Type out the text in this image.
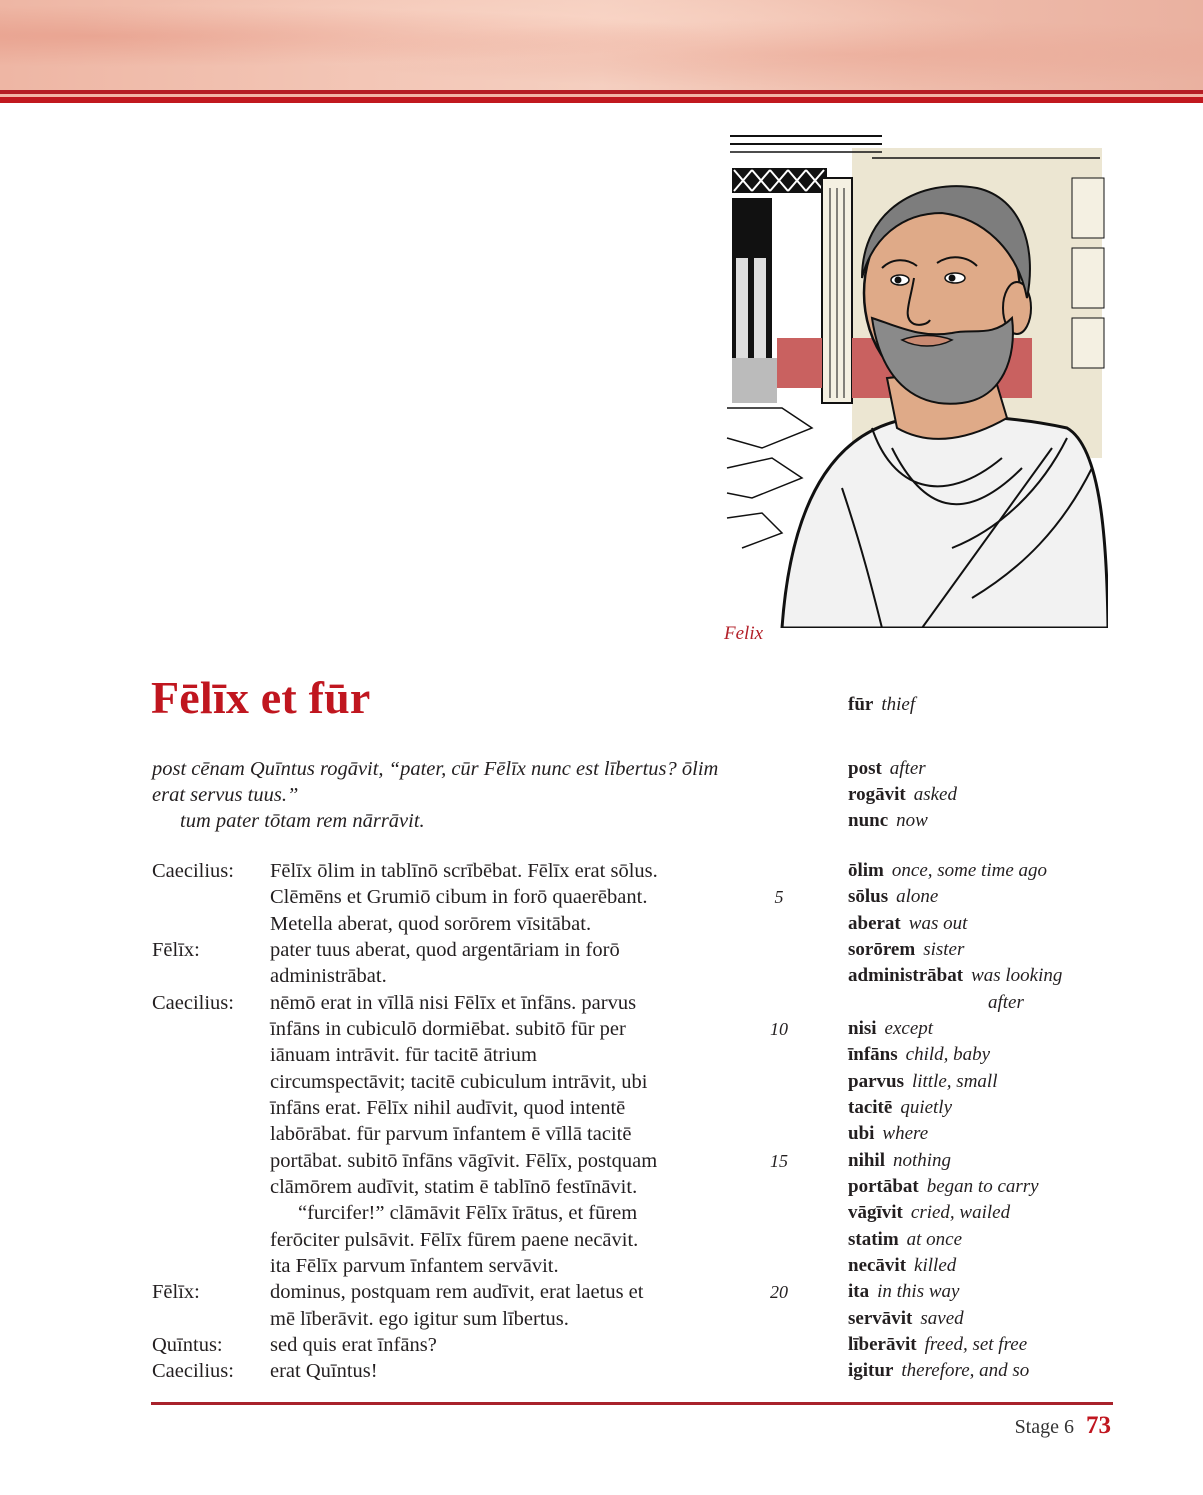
Felix
Fēlīx et fūr
post cēnam Quīntus rogāvit, “pater, cūr Fēlīx nunc est lībertus? ōlim
erat servus tuus.”
tum pater tōtam rem nārrāvit.
Caecilius: Fēlīx ōlim in tablīnō scrībēbat. Fēlīx erat sōlus.
Clēmēns et Grumiō cibum in forō quaerēbant.	5
Metella aberat, quod sorōrem vīsitābat.
Fēlīx:	pater tuus aberat, quod argentāriam in forō
administrābat.
Caecilius: nēmō erat in vīllā nisi Fēlīx et īnfāns. parvus
īnfāns in cubiculō dormiēbat. subitō fūr per	10
iānuam intrāvit. fūr tacitē ātrium
circumspectāvit; tacitē cubiculum intrāvit, ubi
īnfāns erat. Fēlīx nihil audīvit, quod intentē
labōrābat. fūr parvum īnfantem ē vīllā tacitē
portābat. subitō īnfāns vāgīvit. Fēlīx, postquam	15
clāmōrem audīvit, statim ē tablīnō festīnāvit.
“furcifer!” clāmāvit Fēlīx īrātus, et fūrem
ferōciter pulsāvit. Fēlīx fūrem paene necāvit.
ita Fēlīx parvum īnfantem servāvit.
Fēlīx:	dominus, postquam rem audīvit, erat laetus et	20
mē līberāvit. ego igitur sum lībertus.
Quīntus: sed quis erat īnfāns?
Caecilius: erat Quīntus!
fūr thief
post after
rogāvit asked
nunc now
ōlim once, some time ago
sōlus alone
aberat was out
sorōrem sister
administrābat was looking
after
nisi except
īnfāns child, baby
parvus little, small
tacitē quietly
ubi where
nihil nothing
portābat began to carry
vāgīvit cried, wailed
statim at once
necāvit killed
ita in this way
servāvit saved
līberāvit freed, set free
igitur therefore, and so
Stage 6 73
